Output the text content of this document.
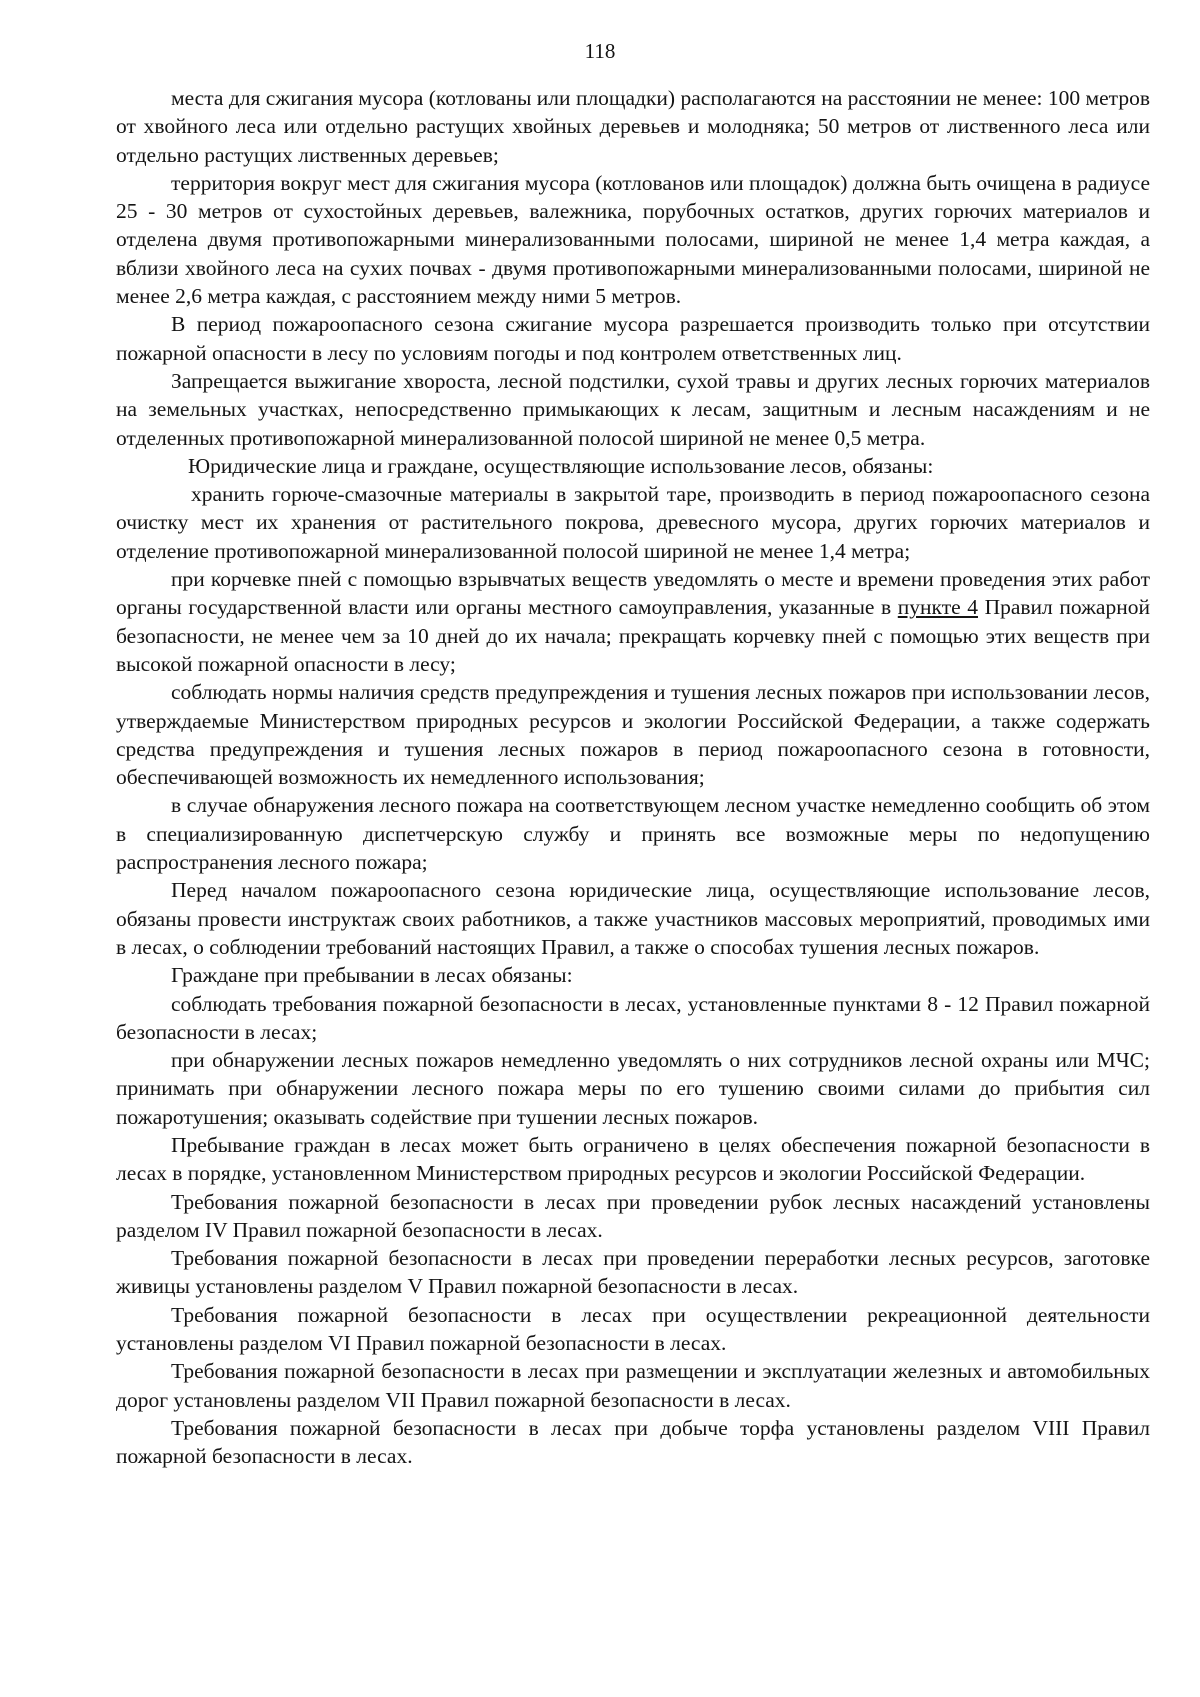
118

места для сжигания мусора (котлованы или площадки) располагаются на расстоянии не менее: 100 метров от хвойного леса или отдельно растущих хвойных деревьев и молодняка; 50 метров от лиственного леса или отдельно растущих лиственных деревьев;

территория вокруг мест для сжигания мусора (котлованов или площадок) должна быть очищена в радиусе 25 - 30 метров от сухостойных деревьев, валежника, порубочных остатков, других горючих материалов и отделена двумя противопожарными минерализованными полосами, шириной не менее 1,4 метра каждая, а вблизи хвойного леса на сухих почвах - двумя противопожарными минерализованными полосами, шириной не менее 2,6 метра каждая, с расстоянием между ними 5 метров.

В период пожароопасного сезона сжигание мусора разрешается производить только при отсутствии пожарной опасности в лесу по условиям погоды и под контролем ответственных лиц.

Запрещается выжигание хвороста, лесной подстилки, сухой травы и других лесных горючих материалов на земельных участках, непосредственно примыкающих к лесам, защитным и лесным насаждениям и не отделенных противопожарной минерализованной полосой шириной не менее 0,5 метра.

Юридические лица и граждане, осуществляющие использование лесов, обязаны:

хранить горюче-смазочные материалы в закрытой таре, производить в период пожароопасного сезона очистку мест их хранения от растительного покрова, древесного мусора, других горючих материалов и отделение противопожарной минерализованной полосой шириной не менее 1,4 метра;

при корчевке пней с помощью взрывчатых веществ уведомлять о месте и времени проведения этих работ органы государственной власти или органы местного самоуправления, указанные в пункте 4 Правил пожарной безопасности, не менее чем за 10 дней до их начала; прекращать корчевку пней с помощью этих веществ при высокой пожарной опасности в лесу;

соблюдать нормы наличия средств предупреждения и тушения лесных пожаров при использовании лесов, утверждаемые Министерством природных ресурсов и экологии Российской Федерации, а также содержать средства предупреждения и тушения лесных пожаров в период пожароопасного сезона в готовности, обеспечивающей возможность их немедленного использования;

в случае обнаружения лесного пожара на соответствующем лесном участке немедленно сообщить об этом в специализированную диспетчерскую службу и принять все возможные меры по недопущению распространения лесного пожара;

Перед началом пожароопасного сезона юридические лица, осуществляющие использование лесов, обязаны провести инструктаж своих работников, а также участников массовых мероприятий, проводимых ими в лесах, о соблюдении требований настоящих Правил, а также о способах тушения лесных пожаров.

Граждане при пребывании в лесах обязаны:

соблюдать требования пожарной безопасности в лесах, установленные пунктами 8 - 12 Правил пожарной безопасности в лесах;

при обнаружении лесных пожаров немедленно уведомлять о них сотрудников лесной охраны или МЧС; принимать при обнаружении лесного пожара меры по его тушению своими силами до прибытия сил пожаротушения; оказывать содействие при тушении лесных пожаров.

Пребывание граждан в лесах может быть ограничено в целях обеспечения пожарной безопасности в лесах в порядке, установленном Министерством природных ресурсов и экологии Российской Федерации.

Требования пожарной безопасности в лесах при проведении рубок лесных насаждений установлены разделом IV Правил пожарной безопасности в лесах.

Требования пожарной безопасности в лесах при проведении переработки лесных ресурсов, заготовке живицы установлены разделом V Правил пожарной безопасности в лесах.

Требования пожарной безопасности в лесах при осуществлении рекреационной деятельности установлены разделом VI Правил пожарной безопасности в лесах.

Требования пожарной безопасности в лесах при размещении и эксплуатации железных и автомобильных дорог установлены разделом VII Правил пожарной безопасности в лесах.

Требования пожарной безопасности в лесах при добыче торфа установлены разделом VIII Правил пожарной безопасности в лесах.
